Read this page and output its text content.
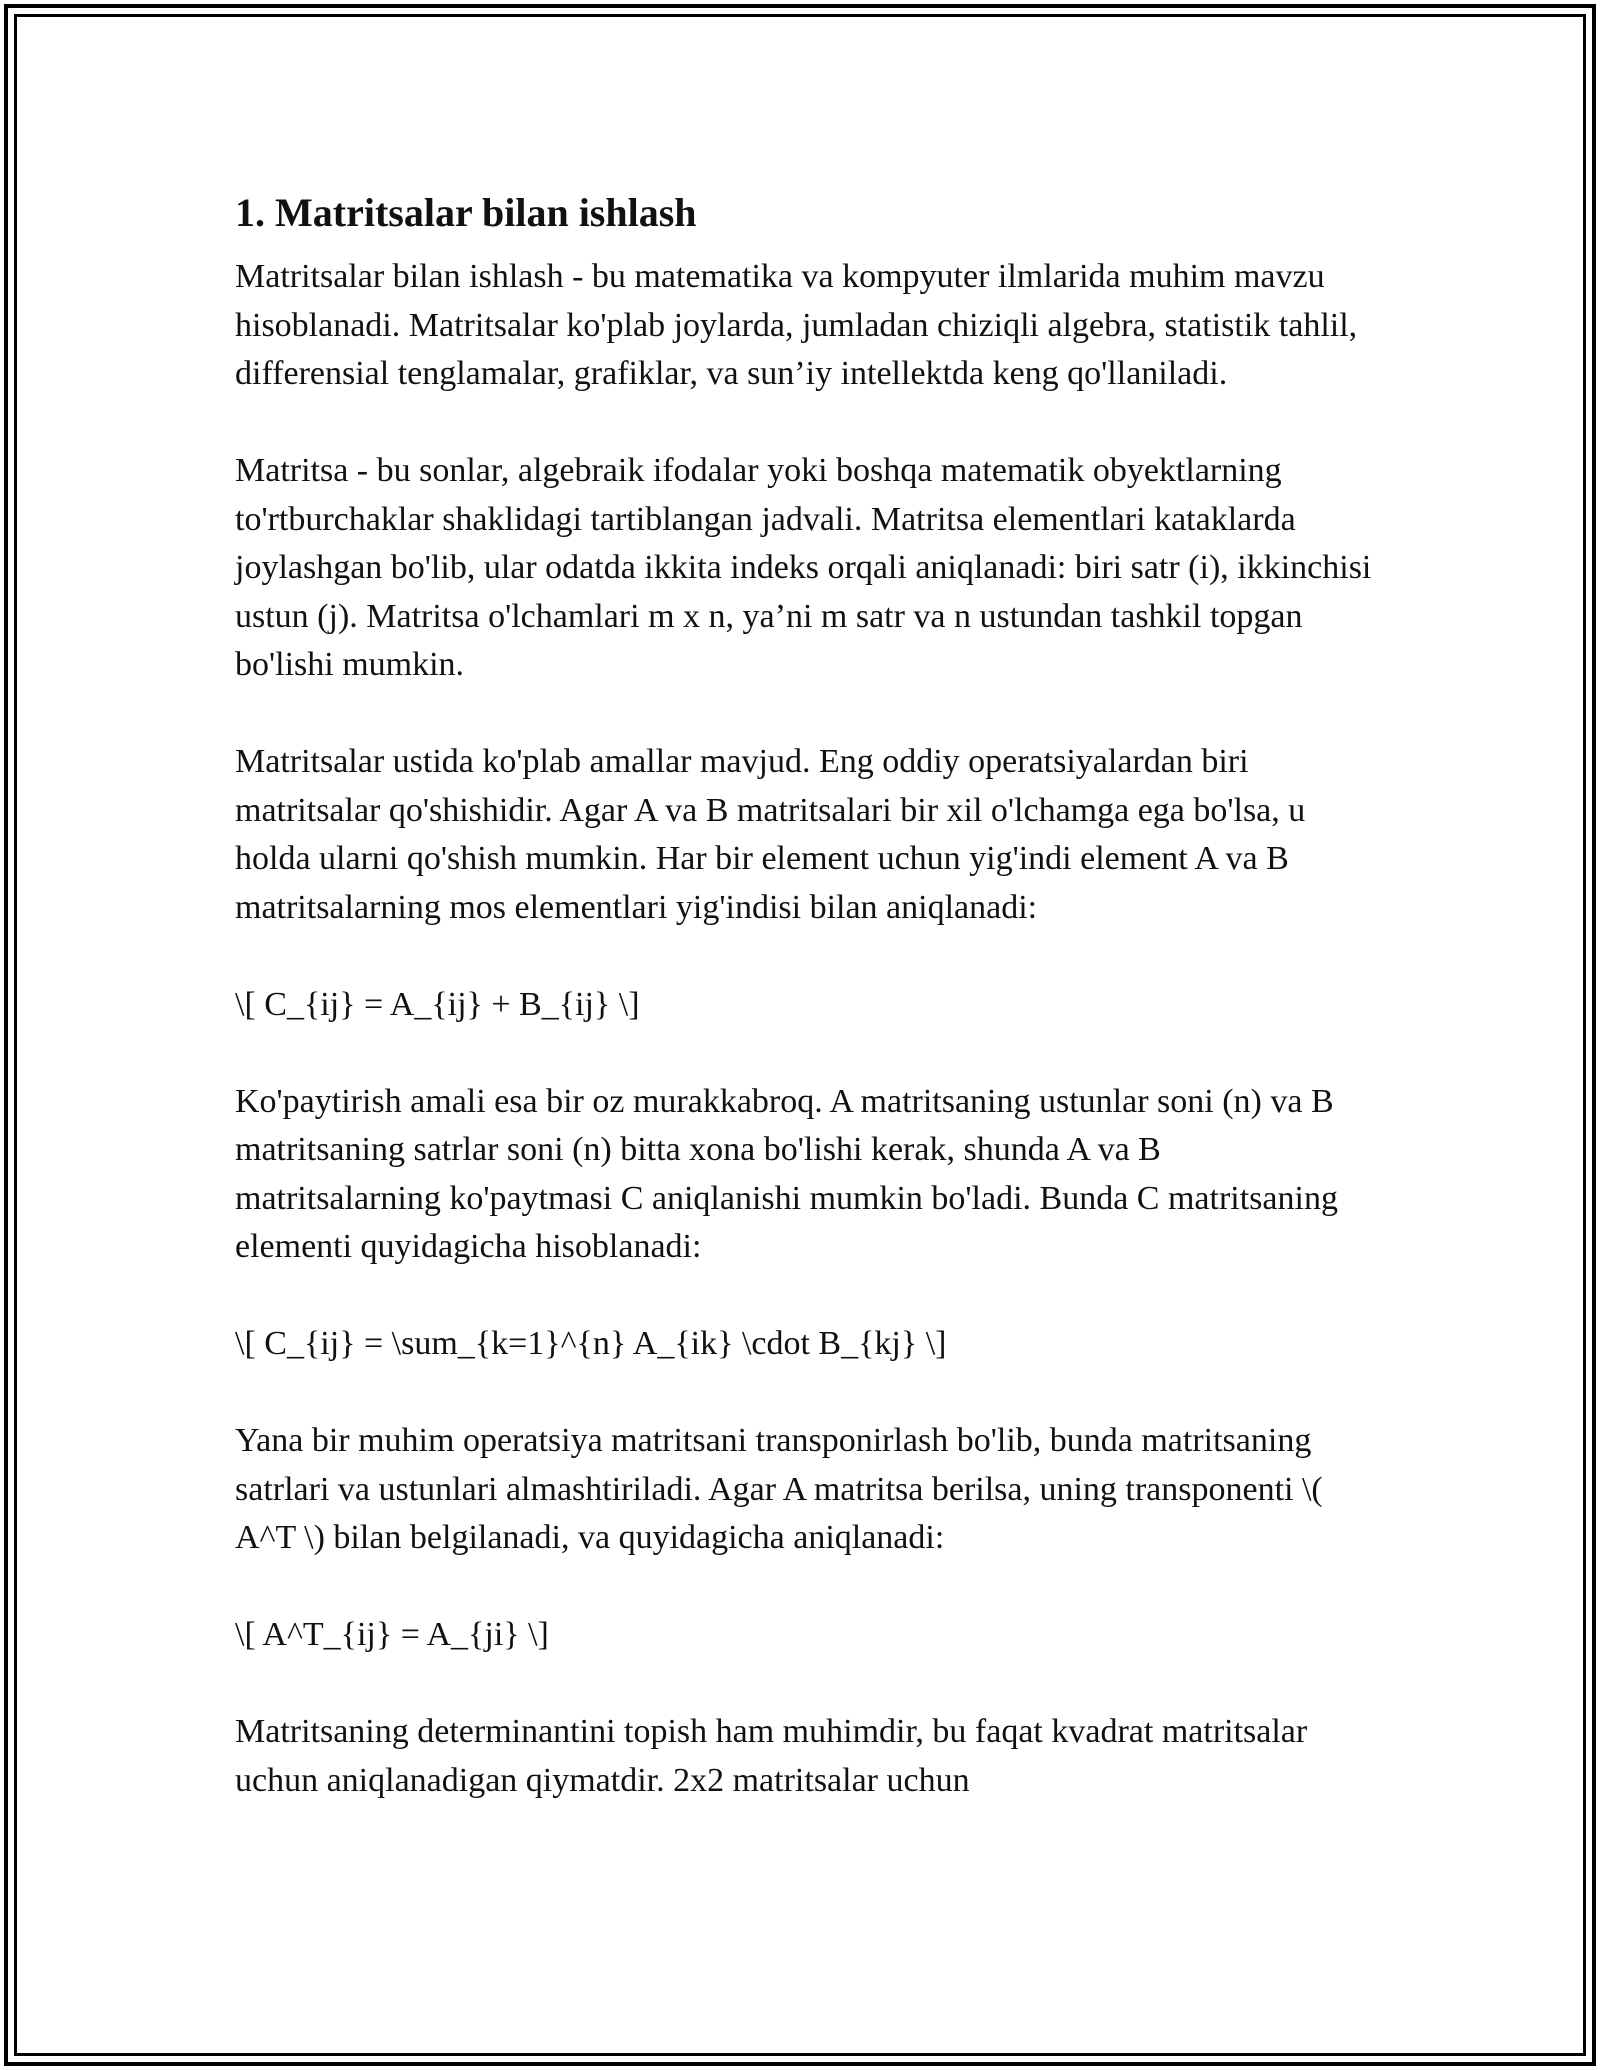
1. Matritsalar bilan ishlash

Matritsalar bilan ishlash - bu matematika va kompyuter ilmlarida muhim mavzu hisoblanadi. Matritsalar ko'plab joylarda, jumladan chiziqli algebra, statistik tahlil, differensial tenglamalar, grafiklar, va sun’iy intellektda keng qo'llaniladi.

Matritsa - bu sonlar, algebraik ifodalar yoki boshqa matematik obyektlarning to'rtburchaklar shaklidagi tartiblangan jadvali. Matritsa elementlari kataklarda joylashgan bo'lib, ular odatda ikkita indeks orqali aniqlanadi: biri satr (i), ikkinchisi ustun (j). Matritsa o'lchamlari m x n, ya’ni m satr va n ustundan tashkil topgan bo'lishi mumkin.

Matritsalar ustida ko'plab amallar mavjud. Eng oddiy operatsiyalardan biri matritsalar qo'shishidir. Agar A va B matritsalari bir xil o'lchamga ega bo'lsa, u holda ularni qo'shish mumkin. Har bir element uchun yig'indi element A va B matritsalarning mos elementlari yig'indisi bilan aniqlanadi:

\[ C_{ij} = A_{ij} + B_{ij} \]

Ko'paytirish amali esa bir oz murakkabroq. A matritsaning ustunlar soni (n) va B matritsaning satrlar soni (n) bitta xona bo'lishi kerak, shunda A va B matritsalarning ko'paytmasi C aniqlanishi mumkin bo'ladi. Bunda C matritsaning elementi quyidagicha hisoblanadi:

\[ C_{ij} = \sum_{k=1}^{n} A_{ik} \cdot B_{kj} \]

Yana bir muhim operatsiya matritsani transponirlash bo'lib, bunda matritsaning satrlari va ustunlari almashtiriladi. Agar A matritsa berilsa, uning transponenti \( A^T \) bilan belgilanadi, va quyidagicha aniqlanadi:

\[ A^T_{ij} = A_{ji} \]

Matritsaning determinantini topish ham muhimdir, bu faqat kvadrat matritsalar uchun aniqlanadigan qiymatdir. 2x2 matritsalar uchun
